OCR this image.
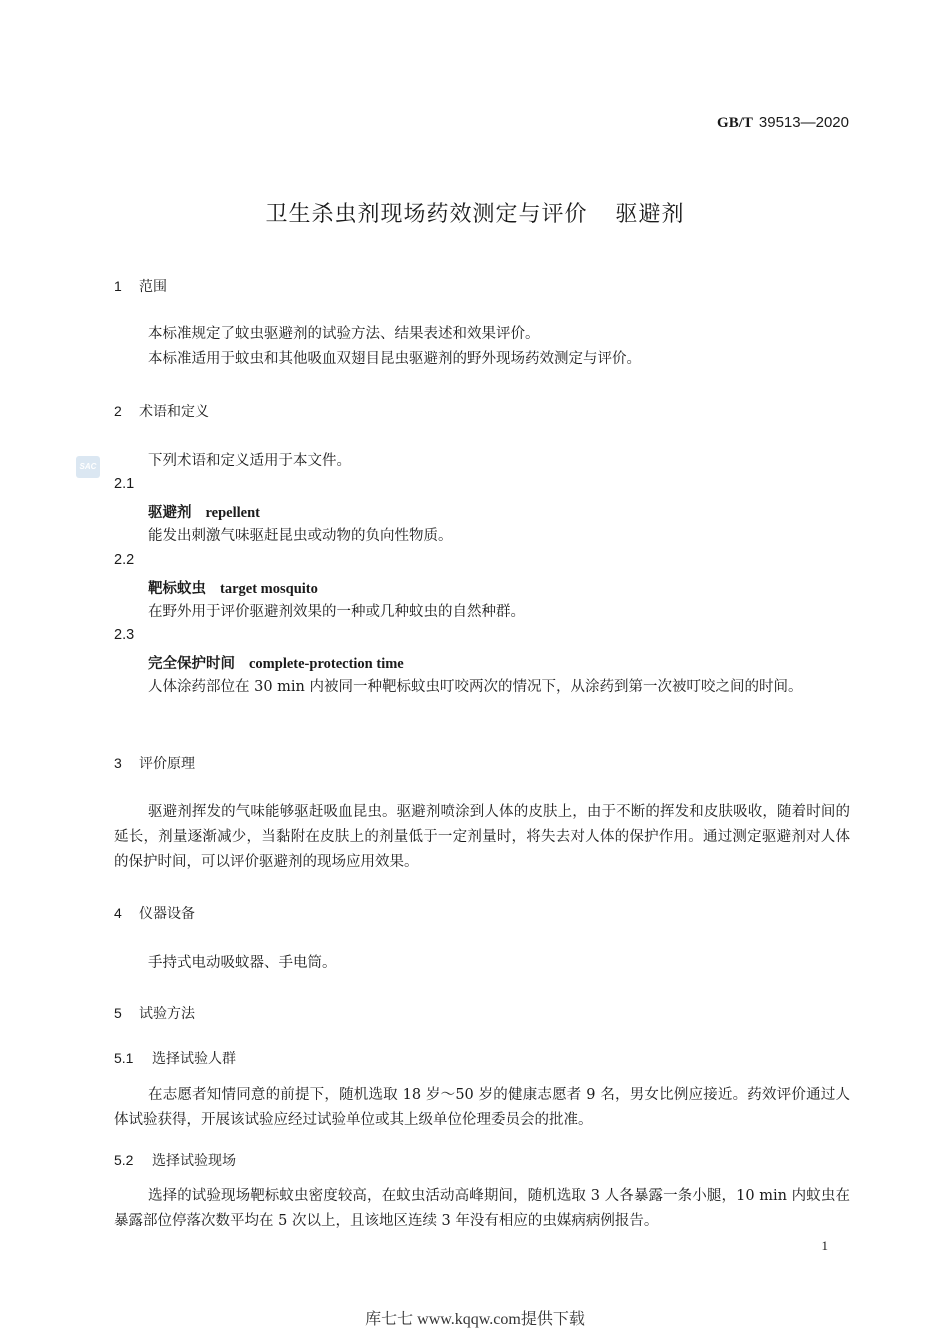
GB/T 39513—2020
卫生杀虫剂现场药效测定与评价 驱避剂
1 范围
本标准规定了蚊虫驱避剂的试验方法、结果表述和效果评价。
本标准适用于蚊虫和其他吸血双翅目昆虫驱避剂的野外现场药效测定与评价。
2 术语和定义
SAC	下列术语和定义适用于本文件。
2.1
驱避剂 repellent
能发出刺激气味驱赶昆虫或动物的负向性物质。
2.2
靶标蚊虫 target mosquito
在野外用于评价驱避剂效果的一种或几种蚊虫的自然种群。
2.3
完全保护时间 complete-protection time
人体涂药部位在 30 min 内被同一种靶标蚊虫叮咬两次的情况下，从涂药到第一次被叮咬之间的时间。
3 评价原理
驱避剂挥发的气味能够驱赶吸血昆虫。驱避剂喷涂到人体的皮肤上，由于不断的挥发和皮肤吸收，随着时间的延长，剂量逐渐减少，当黏附在皮肤上的剂量低于一定剂量时，将失去对人体的保护作用。通过测定驱避剂对人体的保护时间，可以评价驱避剂的现场应用效果。
4 仪器设备
手持式电动吸蚊器、手电筒。
5 试验方法
5.1 选择试验人群
在志愿者知情同意的前提下，随机选取 18 岁～50 岁的健康志愿者 9 名，男女比例应接近。药效评价通过人体试验获得，开展该试验应经过试验单位或其上级单位伦理委员会的批准。
5.2 选择试验现场
选择的试验现场靶标蚊虫密度较高，在蚊虫活动高峰期间，随机选取 3 人各暴露一条小腿，10 min 内蚊虫在暴露部位停落次数平均在 5 次以上，且该地区连续 3 年没有相应的虫媒病病例报告。
1
库七七 www.kqqw.com提供下载
